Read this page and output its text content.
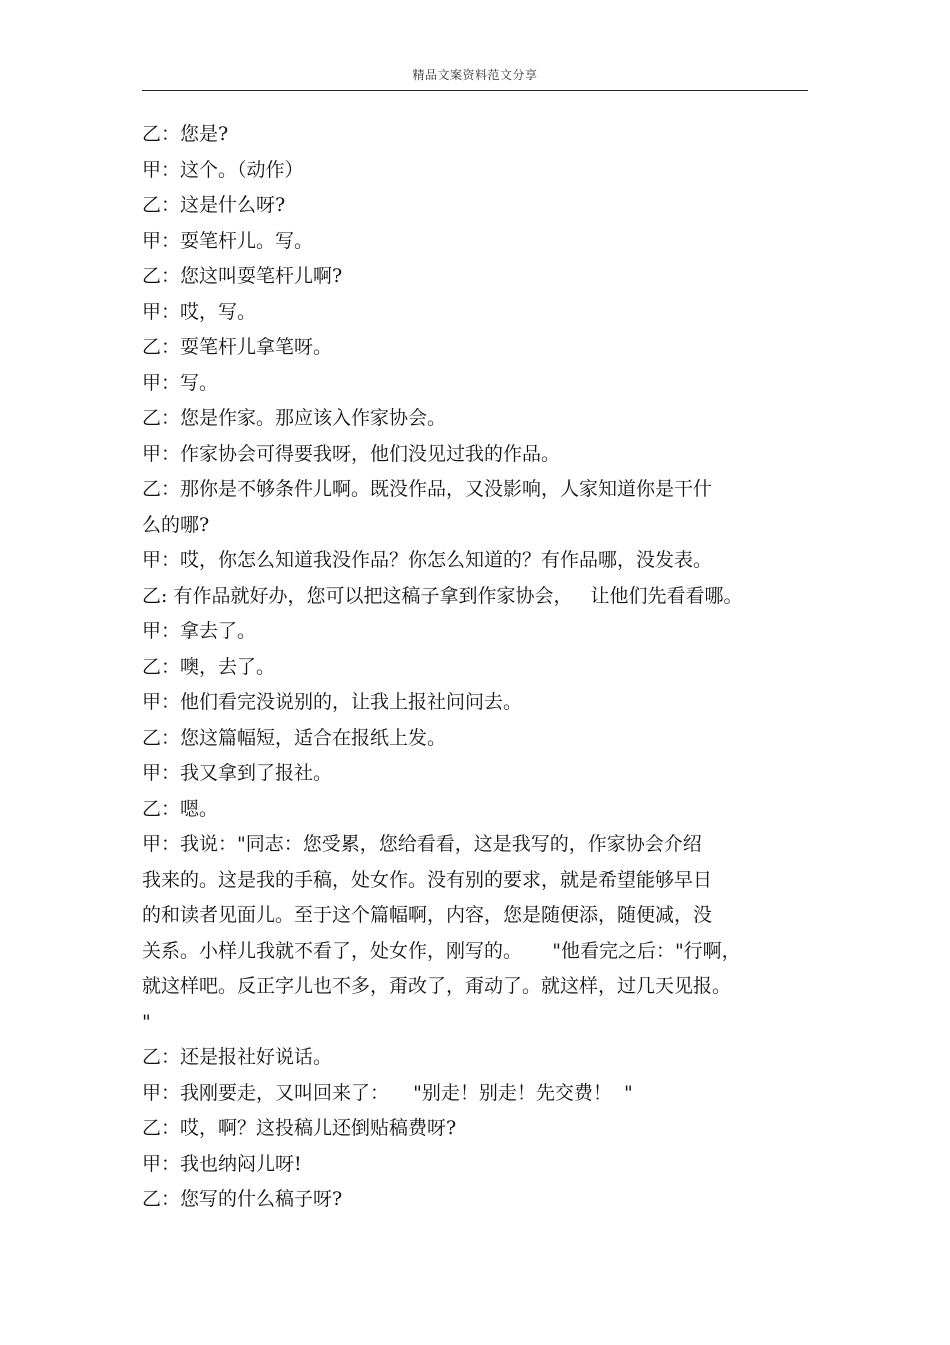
精品文案资料范文分享
乙：您是?
甲：这个。（动作）
乙：这是什么呀?
甲：耍笔杆儿。写。
乙：您这叫耍笔杆儿啊?
甲：哎，写。
乙：耍笔杆儿拿笔呀。
甲：写。
乙：您是作家。那应该入作家协会。
甲：作家协会可得要我呀，他们没见过我的作品。
乙：那你是不够条件儿啊。既没作品，又没影响，人家知道你是干什
么的哪?
甲：哎，你怎么知道我没作品？你怎么知道的？有作品哪，没发表。
乙: 有作品就好办，您可以把这稿子拿到作家协会，   让他们先看看哪。
甲：拿去了。
乙：噢，去了。
甲：他们看完没说别的，让我上报社问问去。
乙：您这篇幅短，适合在报纸上发。
甲：我又拿到了报社。
乙：嗯。
甲：我说："同志：您受累，您给看看，这是我写的，作家协会介绍
我来的。这是我的手稿，处女作。没有别的要求，就是希望能够早日
的和读者见面儿。至于这个篇幅啊，内容，您是随便添，随便减，没
关系。小样儿我就不看了，处女作，刚写的。     "他看完之后："行啊，
就这样吧。反正字儿也不多，甭改了，甭动了。就这样，过几天见报。
"
乙：还是报社好说话。
甲：我刚要走，又叫回来了：    "别走！别走！先交费！  "
乙：哎，啊？这投稿儿还倒贴稿费呀?
甲：我也纳闷儿呀!
乙：您写的什么稿子呀?
